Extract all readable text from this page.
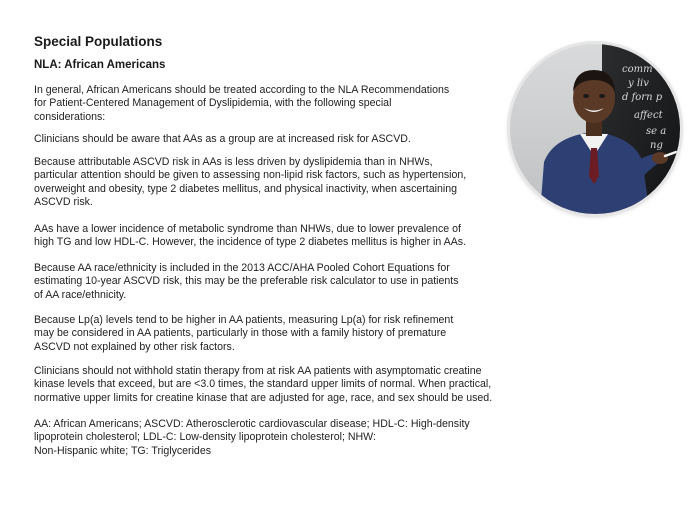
Special Populations
NLA: African Americans

In general, African Americans should be treated according to the NLA Recommendations
for Patient-Centered Management of Dyslipidemia, with the following special
considerations:

Clinicians should be aware that AAs as a group are at increased risk for ASCVD.

Because attributable ASCVD risk in AAs is less driven by dyslipidemia than in NHWs,
particular attention should be given to assessing non-lipid risk factors, such as hypertension,
overweight and obesity, type 2 diabetes mellitus, and physical inactivity, when ascertaining
ASCVD risk.

AAs have a lower incidence of metabolic syndrome than NHWs, due to lower prevalence of
high TG and low HDL-C. However, the incidence of type 2 diabetes mellitus is higher in AAs.

Because AA race/ethnicity is included in the 2013 ACC/AHA Pooled Cohort Equations for
estimating 10-year ASCVD risk, this may be the preferable risk calculator to use in patients
of AA race/ethnicity.

Because Lp(a) levels tend to be higher in AA patients, measuring Lp(a) for risk refinement
may be considered in AA patients, particularly in those with a family history of premature
ASCVD not explained by other risk factors.

Clinicians should not withhold statin therapy from at risk AA patients with asymptomatic creatine
kinase levels that exceed, but are <3.0 times, the standard upper limits of normal. When practical,
normative upper limits for creatine kinase that are adjusted for age, race, and sex should be used.

AA: African Americans; ASCVD: Atherosclerotic cardiovascular disease; HDL-C: High-density
lipoprotein cholesterol; LDL-C: Low-density lipoprotein cholesterol; NHW:
Non-Hispanic white; TG: Triglycerides

comm
y liv
d forn p
affect
se a
ng
